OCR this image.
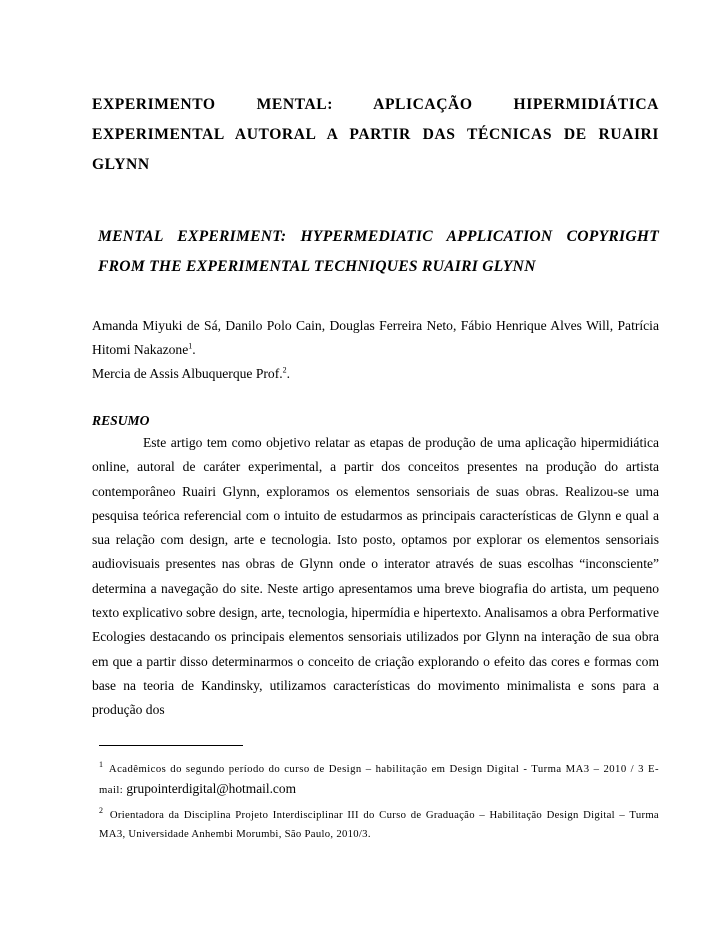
EXPERIMENTO MENTAL: APLICAÇÃO HIPERMIDIÁTICA EXPERIMENTAL AUTORAL A PARTIR DAS TÉCNICAS DE RUAIRI GLYNN
MENTAL EXPERIMENT: HYPERMEDIATIC APPLICATION COPYRIGHT FROM THE EXPERIMENTAL TECHNIQUES RUAIRI GLYNN

Amanda Miyuki de Sá, Danilo Polo Cain, Douglas Ferreira Neto, Fábio Henrique Alves Will, Patrícia Hitomi Nakazone$^1$.

Mercia de Assis Albuquerque Prof.$^2$.

RESUMO

Este artigo tem como objetivo relatar as etapas de produção de uma aplicação hipermidiática online, autoral de caráter experimental, a partir dos conceitos presentes na produção do artista contemporâneo Ruairi Glynn, exploramos os elementos sensoriais de suas obras. Realizou-se uma pesquisa teórica referencial com o intuito de estudarmos as principais características de Glynn e qual a sua relação com design, arte e tecnologia. Isto posto, optamos por explorar os elementos sensoriais audiovisuais presentes nas obras de Glynn onde o interator através de suas escolhas “inconsciente” determina a navegação do site. Neste artigo apresentamos uma breve biografia do artista, um pequeno texto explicativo sobre design, arte, tecnologia, hipermídia e hipertexto. Analisamos a obra Performative Ecologies destacando os principais elementos sensoriais utilizados por Glynn na interação de sua obra em que a partir disso determinarmos o conceito de criação explorando o efeito das cores e formas com base na teoria de Kandinsky, utilizamos características do movimento minimalista e sons para a produção dos

$^1$ Acadêmicos do segundo período do curso de Design – habilitação em Design Digital - Turma MA3 – 2010 / 3 E-mail: grupointerdigital@hotmail.com

$^2$ Orientadora da Disciplina Projeto Interdisciplinar III do Curso de Graduação – Habilitação Design Digital – Turma MA3, Universidade Anhembi Morumbi, São Paulo, 2010/3.
